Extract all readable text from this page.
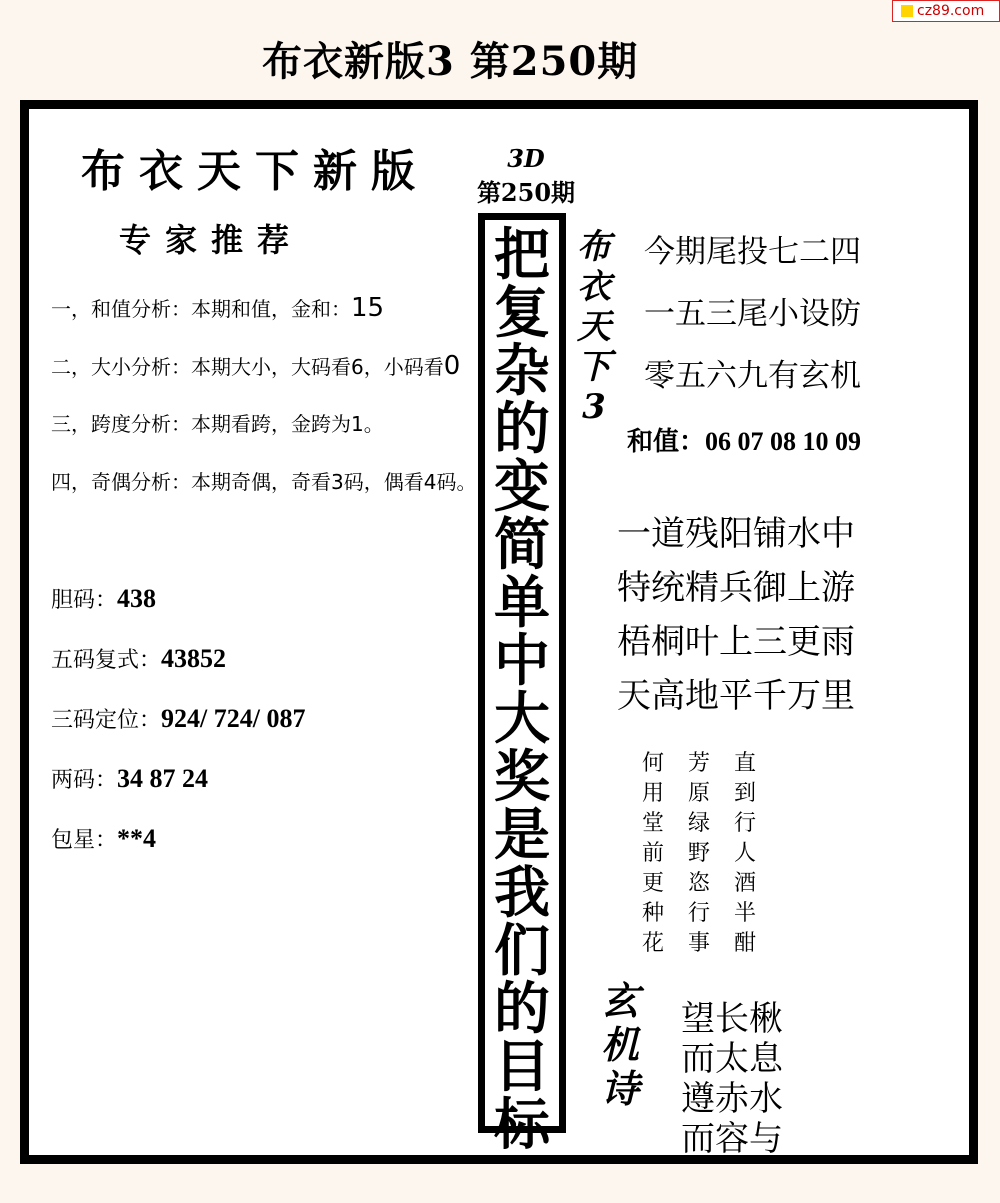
cz89.com
布衣新版3 第250期
布衣天下新版
专家推荐
一，和值分析：本期和值，金和：15
二，大小分析：本期大小，大码看6，小码看0
三，跨度分析：本期看跨，金跨为1。
四，奇偶分析：本期奇偶，奇看3码，偶看4码。
胆码：438
五码复式：43852
三码定位：924/ 724/ 087
两码：34 87 24
包星：**4
3D
第250期
把
复
杂
的
变
简
单
中
大
奖
是
我
们
的
目
标
布
衣
天
下
3
今期尾投七二四
一五三尾小设防
零五六九有玄机
和值：06 07 08 10 09
一道残阳铺水中
特统精兵御上游
梧桐叶上三更雨
天高地平千万里
何
用
堂
前
更
种
花
芳
原
绿
野
恣
行
事
直
到
行
人
酒
半
酣
玄
机
诗
望长楸
而太息
遵赤水
而容与
